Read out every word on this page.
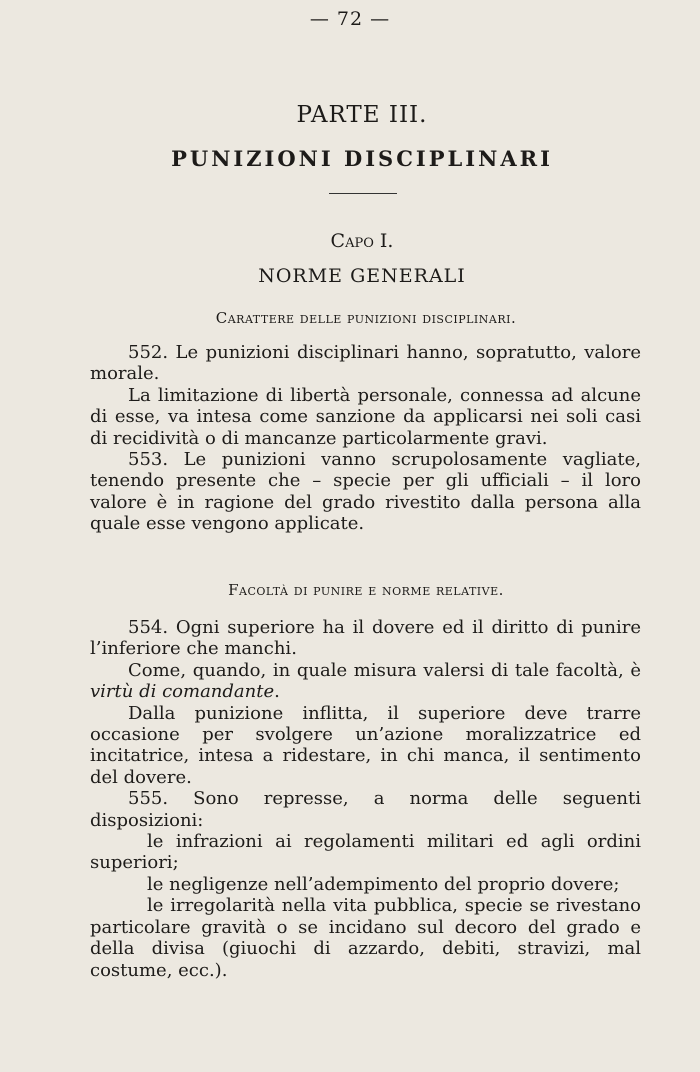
— 72 —
PARTE III.
PUNIZIONI DISCIPLINARI
Capo I.
NORME GENERALI
Carattere delle punizioni disciplinari.

552. Le punizioni disciplinari hanno, sopratutto, valore morale.

La limitazione di libertà personale, connessa ad alcune di esse, va intesa come sanzione da applicarsi nei soli casi di recidività o di mancanze particolarmente gravi.

553. Le punizioni vanno scrupolosamente vagliate, tenendo presente che – specie per gli ufficiali – il loro valore è in ragione del grado rivestito dalla persona alla quale esse vengono applicate.

Facoltà di punire e norme relative.

554. Ogni superiore ha il dovere ed il diritto di punire l’inferiore che manchi.

Come, quando, in quale misura valersi di tale facoltà, è virtù di comandante.

Dalla punizione inflitta, il superiore deve trarre occasione per svolgere un’azione moralizzatrice ed incitatrice, intesa a ridestare, in chi manca, il sentimento del dovere.

555. Sono represse, a norma delle seguenti disposizioni:

le infrazioni ai regolamenti militari ed agli ordini superiori;

le negligenze nell’adempimento del proprio dovere;

le irregolarità nella vita pubblica, specie se rivestano particolare gravità o se incidano sul decoro del grado e della divisa (giuochi di azzardo, debiti, stravizi, mal costume, ecc.).
